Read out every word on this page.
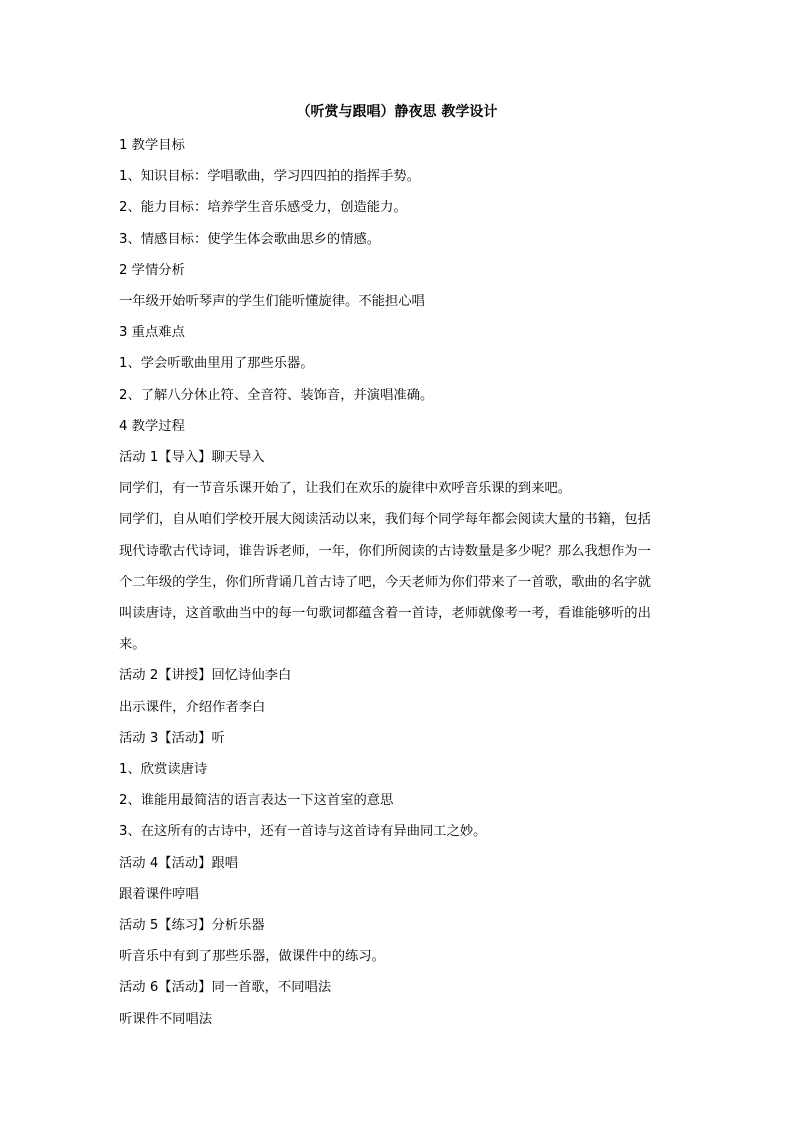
（听赏与跟唱）静夜思 教学设计
1 教学目标
1、知识目标：学唱歌曲，学习四四拍的指挥手势。
2、能力目标：培养学生音乐感受力，创造能力。
3、情感目标：使学生体会歌曲思乡的情感。
2 学情分析
一年级开始听琴声的学生们能听懂旋律。不能担心唱
3 重点难点
1、学会听歌曲里用了那些乐器。
2、了解八分休止符、全音符、装饰音，并演唱准确。
4 教学过程
活动 1【导入】聊天导入
同学们，有一节音乐课开始了，让我们在欢乐的旋律中欢呼音乐课的到来吧。
同学们，自从咱们学校开展大阅读活动以来，我们每个同学每年都会阅读大量的书籍，包括
现代诗歌古代诗词，谁告诉老师，一年，你们所阅读的古诗数量是多少呢？那么我想作为一
个二年级的学生，你们所背诵几首古诗了吧，今天老师为你们带来了一首歌，歌曲的名字就
叫读唐诗，这首歌曲当中的每一句歌词都蕴含着一首诗，老师就像考一考，看谁能够听的出
来。
活动 2【讲授】回忆诗仙李白
出示课件，介绍作者李白
活动 3【活动】听
1、欣赏读唐诗
2、谁能用最简洁的语言表达一下这首室的意思
3、在这所有的古诗中，还有一首诗与这首诗有异曲同工之妙。
活动 4【活动】跟唱
跟着课件哼唱
活动 5【练习】分析乐器
听音乐中有到了那些乐器，做课件中的练习。
活动 6【活动】同一首歌，不同唱法
听课件不同唱法
